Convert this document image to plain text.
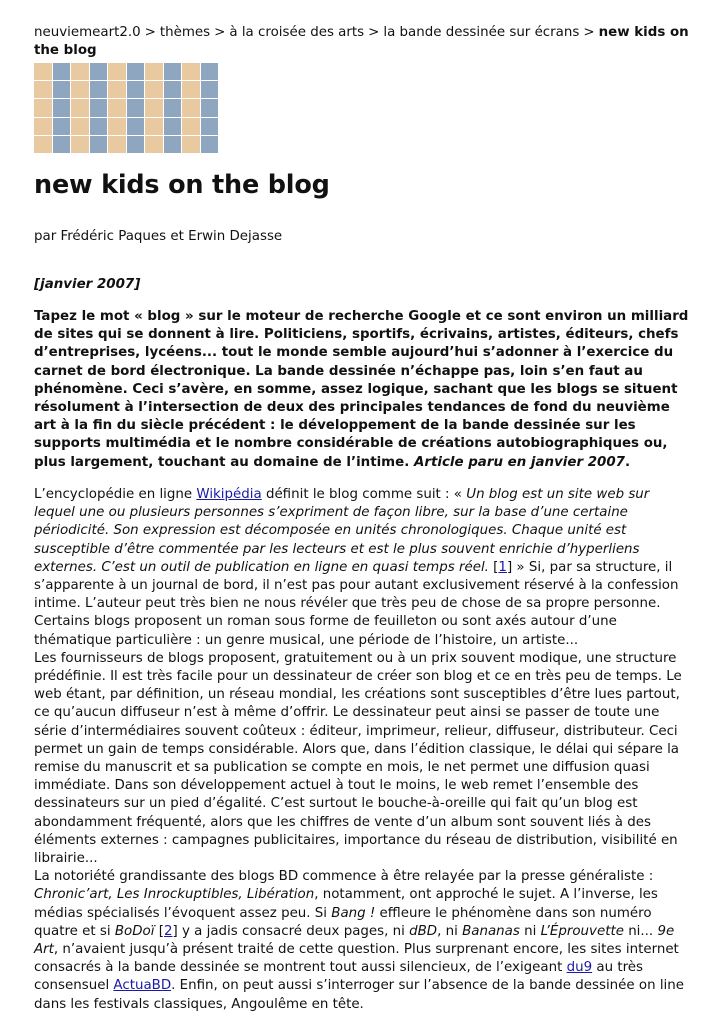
neuviemeart2.0 > thèmes > à la croisée des arts > la bande dessinée sur écrans > new kids on the blog
new kids on the blog
par Frédéric Paques et Erwin Dejasse
[janvier 2007]
Tapez le mot « blog » sur le moteur de recherche Google et ce sont environ un milliard de sites qui se donnent à lire. Politiciens, sportifs, écrivains, artistes, éditeurs, chefs d’entreprises, lycéens... tout le monde semble aujourd’hui s’adonner à l’exercice du carnet de bord électronique. La bande dessinée n’échappe pas, loin s’en faut au phénomène. Ceci s’avère, en somme, assez logique, sachant que les blogs se situent résolument à l’intersection de deux des principales tendances de fond du neuvième art à la fin du siècle précédent : le développement de la bande dessinée sur les supports multimédia et le nombre considérable de créations autobiographiques ou, plus largement, touchant au domaine de l’intime. Article paru en janvier 2007.

L’encyclopédie en ligne Wikipédia définit le blog comme suit : « Un blog est un site web sur lequel une ou plusieurs personnes s’expriment de façon libre, sur la base d’une certaine périodicité. Son expression est décomposée en unités chronologiques. Chaque unité est susceptible d’être commentée par les lecteurs et est le plus souvent enrichie d’hyperliens externes. C’est un outil de publication en ligne en quasi temps réel. [1] » Si, par sa structure, il s’apparente à un journal de bord, il n’est pas pour autant exclusivement réservé à la confession intime. L’auteur peut très bien ne nous révéler que très peu de chose de sa propre personne. Certains blogs proposent un roman sous forme de feuilleton ou sont axés autour d’une thématique particulière : un genre musical, une période de l’histoire, un artiste...

Les fournisseurs de blogs proposent, gratuitement ou à un prix souvent modique, une structure prédéfinie. Il est très facile pour un dessinateur de créer son blog et ce en très peu de temps. Le web étant, par définition, un réseau mondial, les créations sont susceptibles d’être lues partout, ce qu’aucun diffuseur n’est à même d’offrir. Le dessinateur peut ainsi se passer de toute une série d’intermédiaires souvent coûteux : éditeur, imprimeur, relieur, diffuseur, distributeur. Ceci permet un gain de temps considérable. Alors que, dans l’édition classique, le délai qui sépare la remise du manuscrit et sa publication se compte en mois, le net permet une diffusion quasi immédiate. Dans son développement actuel à tout le moins, le web remet l’ensemble des dessinateurs sur un pied d’égalité. C’est surtout le bouche-à-oreille qui fait qu’un blog est abondamment fréquenté, alors que les chiffres de vente d’un album sont souvent liés à des éléments externes : campagnes publicitaires, importance du réseau de distribution, visibilité en librairie...

La notoriété grandissante des blogs BD commence à être relayée par la presse généraliste : Chronic’art, Les Inrockuptibles, Libération, notamment, ont approché le sujet. A l’inverse, les médias spécialisés l’évoquent assez peu. Si Bang ! effleure le phénomène dans son numéro quatre et si BoDoï [2] y a jadis consacré deux pages, ni dBD, ni Bananas ni L’Éprouvette ni... 9e Art, n’avaient jusqu’à présent traité de cette question. Plus surprenant encore, les sites internet consacrés à la bande dessinée se montrent tout aussi silencieux, de l’exigeant du9 au très consensuel ActuaBD. Enfin, on peut aussi s’interroger sur l’absence de la bande dessinée on line dans les festivals classiques, Angoulême en tête.
